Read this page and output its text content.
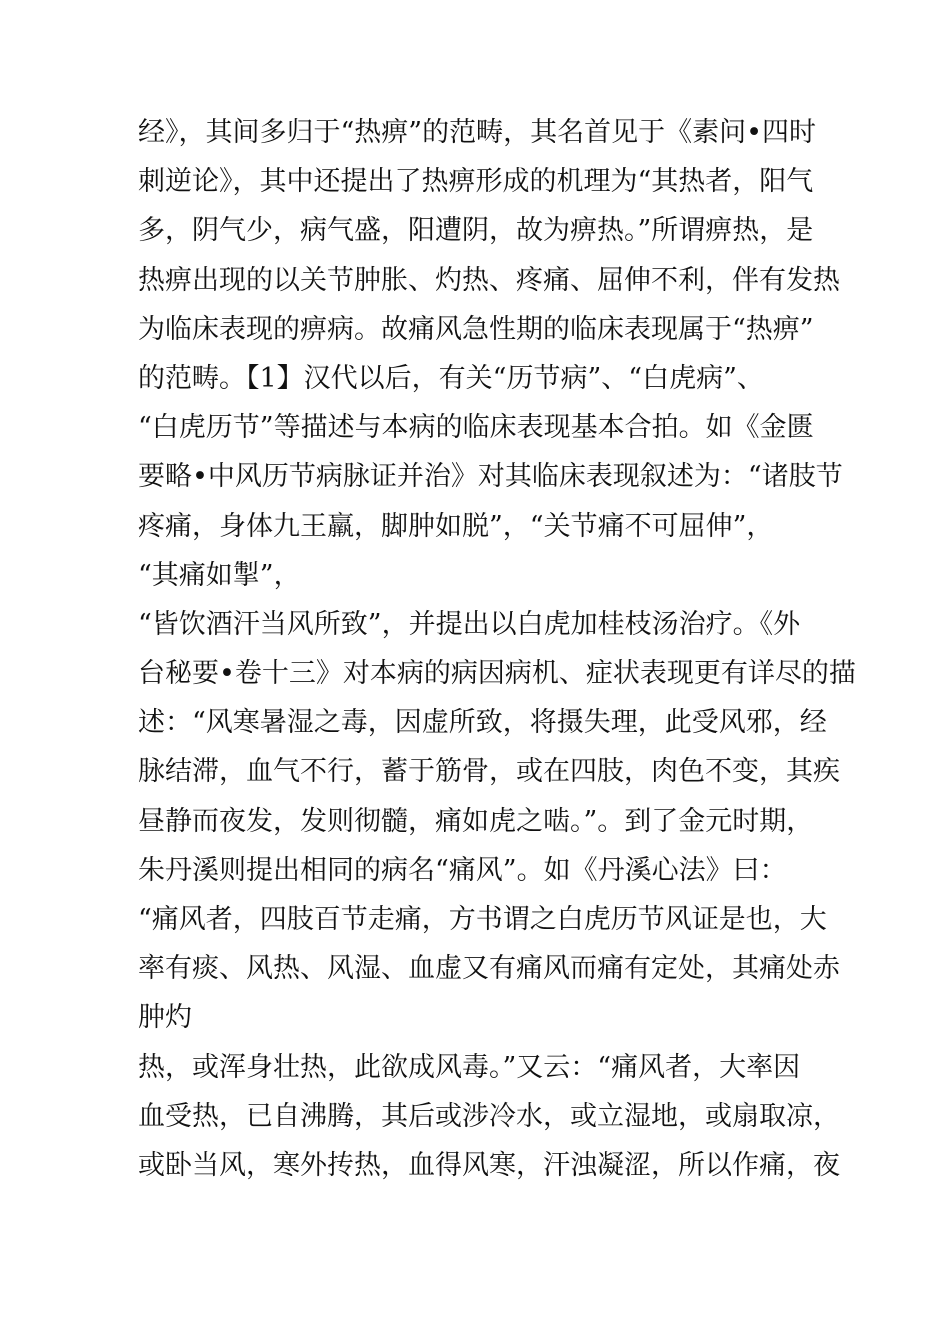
经》，其间多归于“热痹”的范畴，其名首见于《素问•四时
刺逆论》，其中还提出了热痹形成的机理为“其热者，阳气
多，阴气少，病气盛，阳遭阴，故为痹热。”所谓痹热，是
热痹出现的以关节肿胀、灼热、疼痛、屈伸不利，伴有发热
为临床表现的痹病。故痛风急性期的临床表现属于“热痹”
的范畴。【1】汉代以后，有关“历节病”、“白虎病”、
“白虎历节”等描述与本病的临床表现基本合拍。如《金匮
要略•中风历节病脉证并治》对其临床表现叙述为：“诸肢节
疼痛，身体九王羸，脚肿如脱”，“关节痛不可屈伸”，
“其痛如掣”，
“皆饮酒汗当风所致”，并提出以白虎加桂枝汤治疗。《外
台秘要•卷十三》对本病的病因病机、症状表现更有详尽的描
述：“风寒暑湿之毒，因虚所致，将摄失理，此受风邪，经
脉结滞，血气不行，蓄于筋骨，或在四肢，肉色不变，其疾
昼静而夜发，发则彻髓，痛如虎之啮。”。到了金元时期，
朱丹溪则提出相同的病名“痛风”。如《丹溪心法》曰：
“痛风者，四肢百节走痛，方书谓之白虎历节风证是也，大
率有痰、风热、风湿、血虚又有痛风而痛有定处，其痛处赤
肿灼
热，或浑身壮热，此欲成风毒。”又云：“痛风者，大率因
血受热，已自沸腾，其后或涉冷水，或立湿地，或扇取凉，
或卧当风，寒外抟热，血得风寒，汗浊凝涩，所以作痛，夜
